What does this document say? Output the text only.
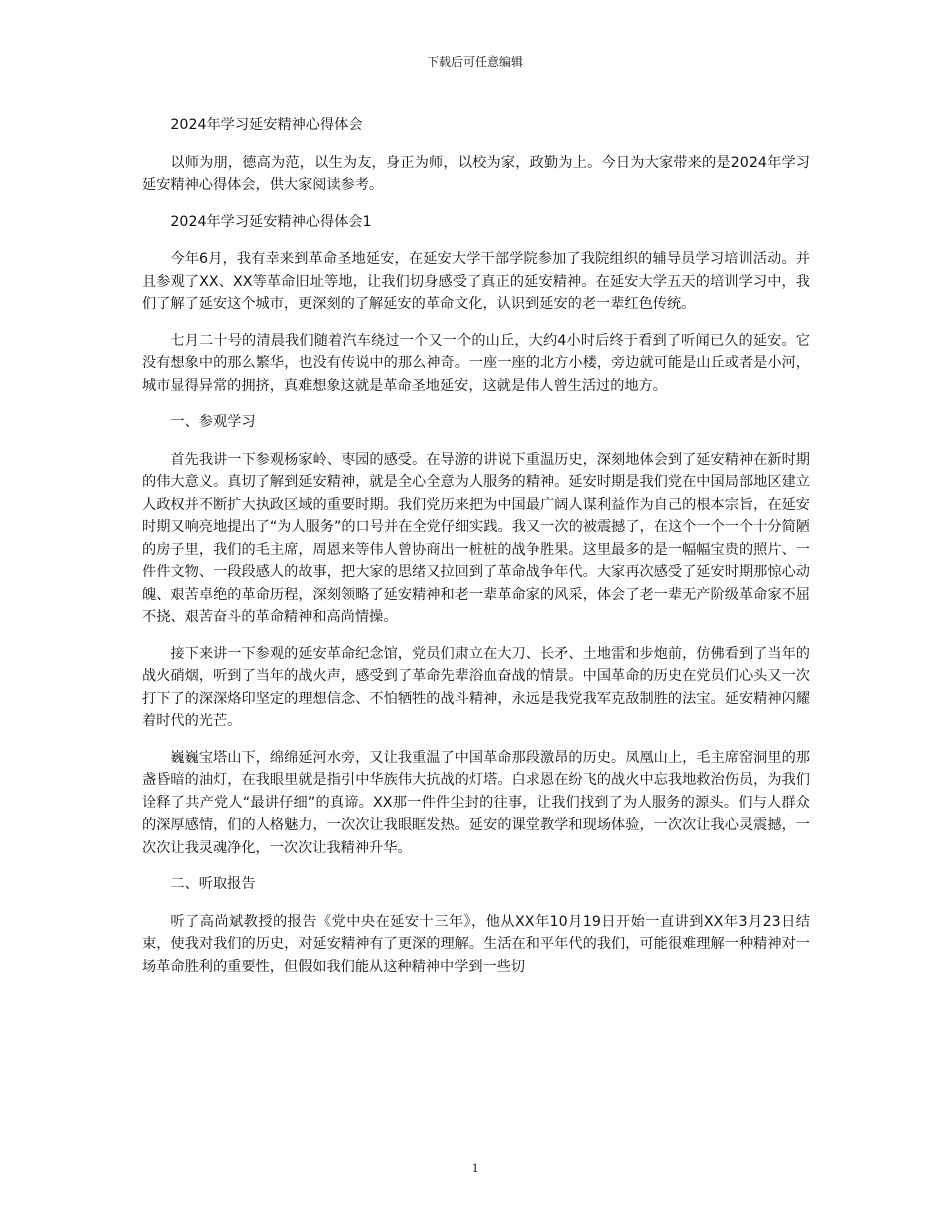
下载后可任意编辑

2024年学习延安精神心得体会

以师为朋，德高为范，以生为友，身正为师，以校为家，政勤为上。今日为大家带来的是2024年学习延安精神心得体会，供大家阅读参考。

2024年学习延安精神心得体会1

今年6月，我有幸来到革命圣地延安，在延安大学干部学院参加了我院组织的辅导员学习培训活动。并且参观了XX、XX等革命旧址等地，让我们切身感受了真正的延安精神。在延安大学五天的培训学习中，我们了解了延安这个城市，更深刻的了解延安的革命文化，认识到延安的老一辈红色传统。

七月二十号的清晨我们随着汽车绕过一个又一个的山丘，大约4小时后终于看到了听闻已久的延安。它没有想象中的那么繁华，也没有传说中的那么神奇。一座一座的北方小楼，旁边就可能是山丘或者是小河，城市显得异常的拥挤，真难想象这就是革命圣地延安，这就是伟人曾生活过的地方。

一、参观学习

首先我讲一下参观杨家岭、枣园的感受。在导游的讲说下重温历史，深刻地体会到了延安精神在新时期的伟大意义。真切了解到延安精神，就是全心全意为人服务的精神。延安时期是我们党在中国局部地区建立人政权并不断扩大执政区域的重要时期。我们党历来把为中国最广阔人谋利益作为自己的根本宗旨，在延安时期又响亮地提出了“为人服务”的口号并在全党仔细实践。我又一次的被震撼了，在这个一个一个十分简陋的房子里，我们的毛主席，周恩来等伟人曾协商出一桩桩的战争胜果。这里最多的是一幅幅宝贵的照片、一件件文物、一段段感人的故事，把大家的思绪又拉回到了革命战争年代。大家再次感受了延安时期那惊心动魄、艰苦卓绝的革命历程，深刻领略了延安精神和老一辈革命家的风采，体会了老一辈无产阶级革命家不屈不挠、艰苦奋斗的革命精神和高尚情操。

接下来讲一下参观的延安革命纪念馆，党员们肃立在大刀、长矛、土地雷和步炮前，仿佛看到了当年的战火硝烟，听到了当年的战火声，感受到了革命先辈浴血奋战的情景。中国革命的历史在党员们心头又一次打下了的深深烙印坚定的理想信念、不怕牺牲的战斗精神，永远是我党我军克敌制胜的法宝。延安精神闪耀着时代的光芒。

巍巍宝塔山下，绵绵延河水旁，又让我重温了中国革命那段激昂的历史。凤凰山上，毛主席窑洞里的那盏昏暗的油灯，在我眼里就是指引中华族伟大抗战的灯塔。白求恩在纷飞的战火中忘我地救治伤员，为我们诠释了共产党人“最讲仔细”的真谛。XX那一件件尘封的往事，让我们找到了为人服务的源头。们与人群众的深厚感情，们的人格魅力，一次次让我眼眶发热。延安的课堂教学和现场体验，一次次让我心灵震撼，一次次让我灵魂净化，一次次让我精神升华。

二、听取报告

听了高尚斌教授的报告《党中央在延安十三年》，他从XX年10月19日开始一直讲到XX年3月23日结束，使我对我们的历史，对延安精神有了更深的理解。生活在和平年代的我们，可能很难理解一种精神对一场革命胜利的重要性，但假如我们能从这种精神中学到一些切

1
